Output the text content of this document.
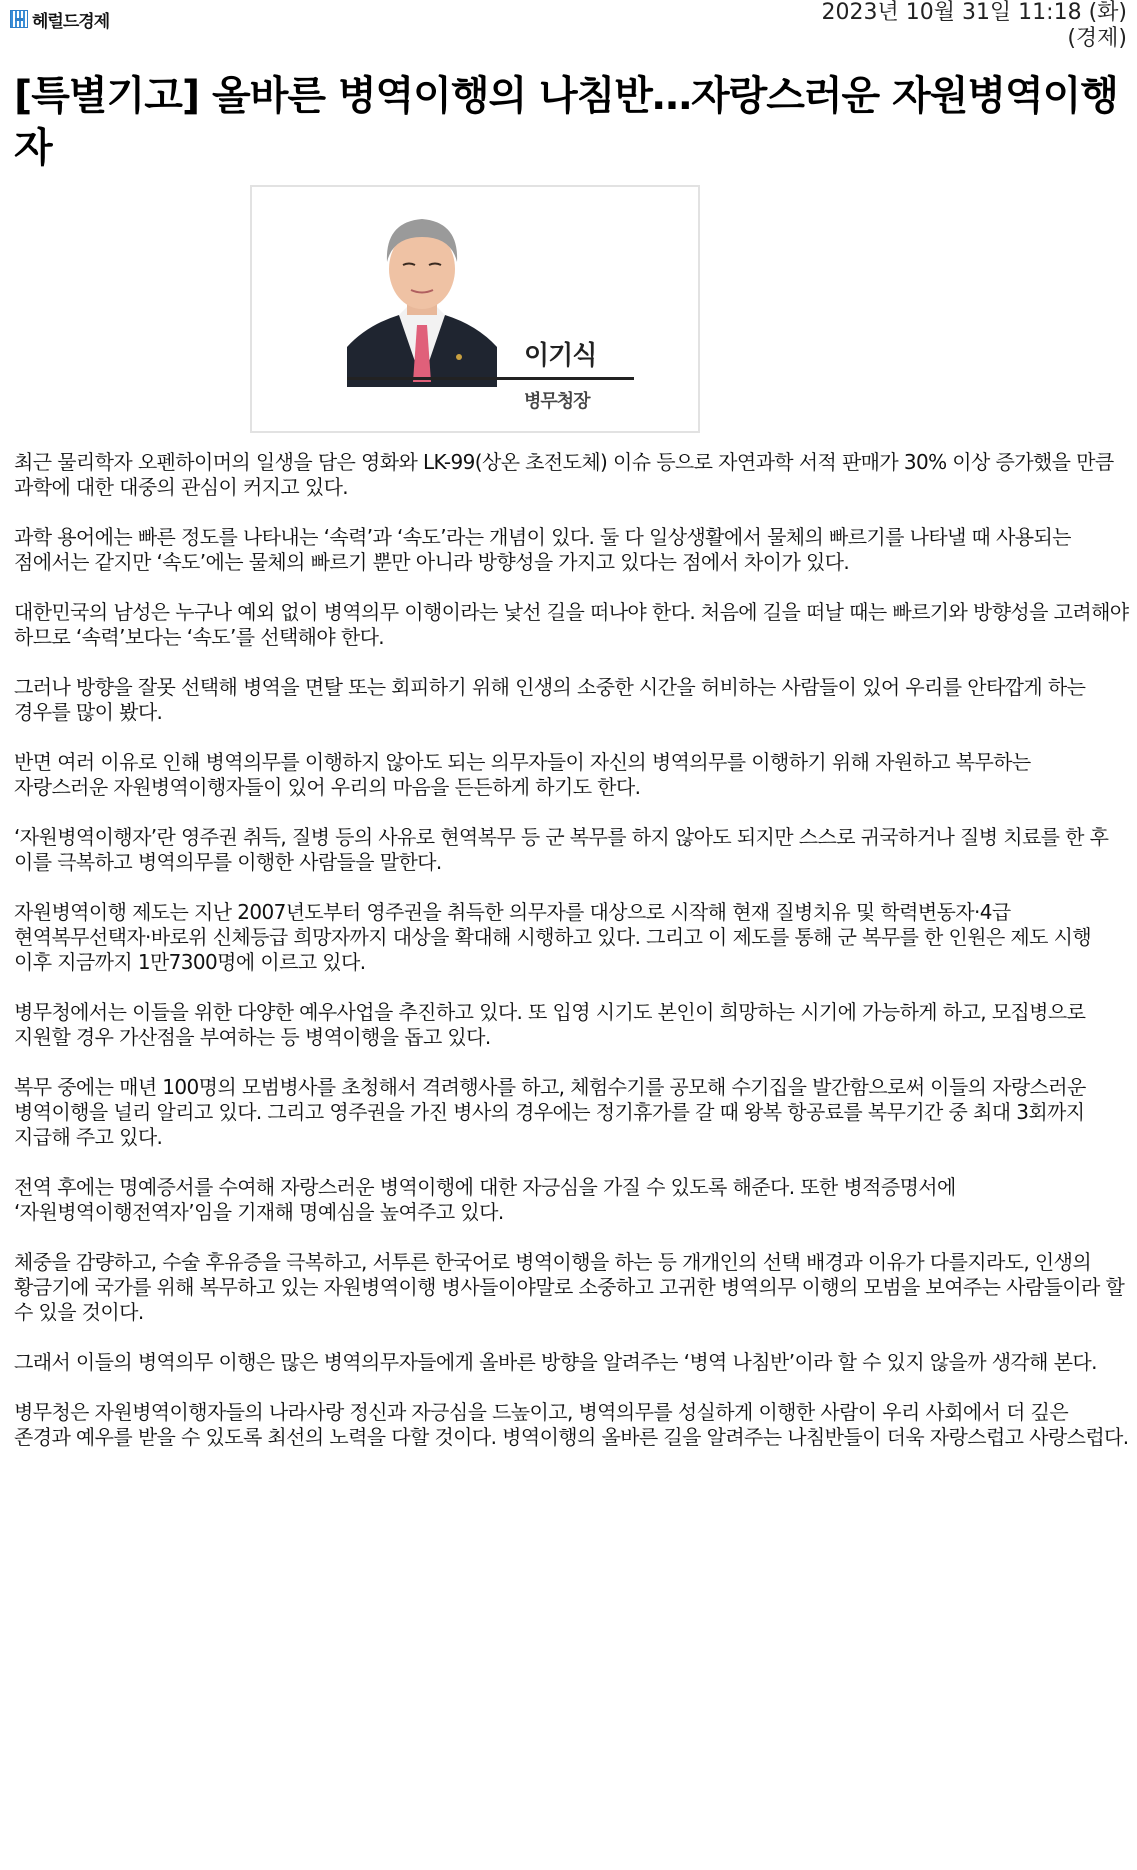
헤럴드경제	2023년 10월 31일 11:18 (화)
(경제)
[특별기고] 올바른 병역이행의 나침반…자랑스러운 자원병역이행자
이기식
병무청장

최근 물리학자 오펜하이머의 일생을 담은 영화와 LK-99(상온 초전도체) 이슈 등으로 자연과학 서적 판매가 30% 이상 증가했을 만큼 과학에 대한 대중의 관심이 커지고 있다.

과학 용어에는 빠른 정도를 나타내는 ‘속력’과 ‘속도’라는 개념이 있다. 둘 다 일상생활에서 물체의 빠르기를 나타낼 때 사용되는 점에서는 같지만 ‘속도’에는 물체의 빠르기 뿐만 아니라 방향성을 가지고 있다는 점에서 차이가 있다.

대한민국의 남성은 누구나 예외 없이 병역의무 이행이라는 낯선 길을 떠나야 한다. 처음에 길을 떠날 때는 빠르기와 방향성을 고려해야 하므로 ‘속력’보다는 ‘속도’를 선택해야 한다.

그러나 방향을 잘못 선택해 병역을 면탈 또는 회피하기 위해 인생의 소중한 시간을 허비하는 사람들이 있어 우리를 안타깝게 하는 경우를 많이 봤다.

반면 여러 이유로 인해 병역의무를 이행하지 않아도 되는 의무자들이 자신의 병역의무를 이행하기 위해 자원하고 복무하는 자랑스러운 자원병역이행자들이 있어 우리의 마음을 든든하게 하기도 한다.

‘자원병역이행자’란 영주권 취득, 질병 등의 사유로 현역복무 등 군 복무를 하지 않아도 되지만 스스로 귀국하거나 질병 치료를 한 후 이를 극복하고 병역의무를 이행한 사람들을 말한다.

자원병역이행 제도는 지난 2007년도부터 영주권을 취득한 의무자를 대상으로 시작해 현재 질병치유 및 학력변동자·4급 현역복무선택자·바로위 신체등급 희망자까지 대상을 확대해 시행하고 있다. 그리고 이 제도를 통해 군 복무를 한 인원은 제도 시행 이후 지금까지 1만7300명에 이르고 있다.

병무청에서는 이들을 위한 다양한 예우사업을 추진하고 있다. 또 입영 시기도 본인이 희망하는 시기에 가능하게 하고, 모집병으로 지원할 경우 가산점을 부여하는 등 병역이행을 돕고 있다.

복무 중에는 매년 100명의 모범병사를 초청해서 격려행사를 하고, 체험수기를 공모해 수기집을 발간함으로써 이들의 자랑스러운 병역이행을 널리 알리고 있다. 그리고 영주권을 가진 병사의 경우에는 정기휴가를 갈 때 왕복 항공료를 복무기간 중 최대 3회까지 지급해 주고 있다.

전역 후에는 명예증서를 수여해 자랑스러운 병역이행에 대한 자긍심을 가질 수 있도록 해준다. 또한 병적증명서에 ‘자원병역이행전역자’임을 기재해 명예심을 높여주고 있다.

체중을 감량하고, 수술 후유증을 극복하고, 서투른 한국어로 병역이행을 하는 등 개개인의 선택 배경과 이유가 다를지라도, 인생의 황금기에 국가를 위해 복무하고 있는 자원병역이행 병사들이야말로 소중하고 고귀한 병역의무 이행의 모범을 보여주는 사람들이라 할 수 있을 것이다.

그래서 이들의 병역의무 이행은 많은 병역의무자들에게 올바른 방향을 알려주는 ‘병역 나침반’이라 할 수 있지 않을까 생각해 본다.

병무청은 자원병역이행자들의 나라사랑 정신과 자긍심을 드높이고, 병역의무를 성실하게 이행한 사람이 우리 사회에서 더 깊은 존경과 예우를 받을 수 있도록 최선의 노력을 다할 것이다. 병역이행의 올바른 길을 알려주는 나침반들이 더욱 자랑스럽고 사랑스럽다.
